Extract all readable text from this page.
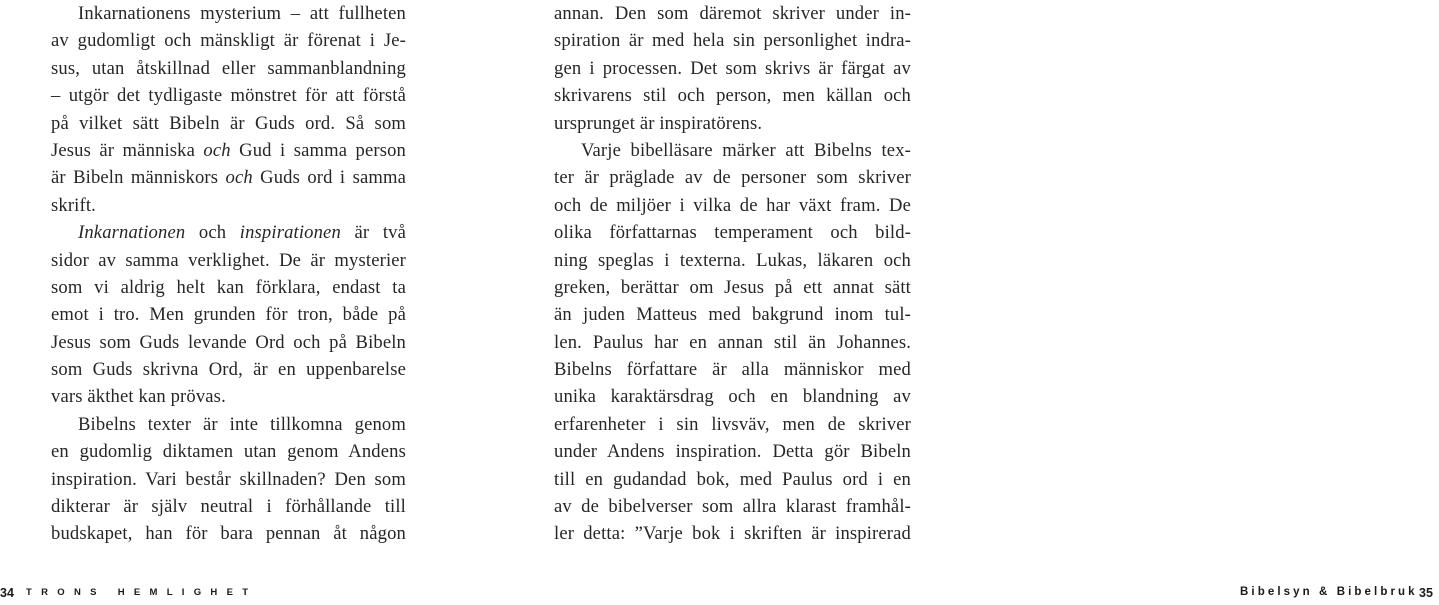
Inkarnationens mysterium – att fullheten
av gudomligt och mänskligt är förenat i Je-
sus, utan åtskillnad eller sammanblandning
– utgör det tydligaste mönstret för att förstå
på vilket sätt Bibeln är Guds ord. Så som
Jesus är människa och Gud i samma person
är Bibeln människors och Guds ord i samma
skrift.
Inkarnationen och inspirationen är två
sidor av samma verklighet. De är mysterier
som vi aldrig helt kan förklara, endast ta
emot i tro. Men grunden för tron, både på
Jesus som Guds levande Ord och på Bibeln
som Guds skrivna Ord, är en uppenbarelse
vars äkthet kan prövas.
Bibelns texter är inte tillkomna genom
en gudomlig diktamen utan genom Andens
inspiration. Vari består skillnaden? Den som
dikterar är själv neutral i förhållande till
budskapet, han för bara pennan åt någon
34 TRONS HEMLIGHET
annan. Den som däremot skriver under in-
spiration är med hela sin personlighet indra-
gen i processen. Det som skrivs är färgat av
skrivarens stil och person, men källan och
ursprunget är inspiratörens.
Varje bibelläsare märker att Bibelns tex-
ter är präglade av de personer som skriver
och de miljöer i vilka de har växt fram. De
olika författarnas temperament och bild-
ning speglas i texterna. Lukas, läkaren och
greken, berättar om Jesus på ett annat sätt
än juden Matteus med bakgrund inom tul-
len. Paulus har en annan stil än Johannes.
Bibelns författare är alla människor med
unika karaktärsdrag och en blandning av
erfarenheter i sin livsväv, men de skriver
under Andens inspiration. Detta gör Bibeln
till en gudandad bok, med Paulus ord i en
av de bibelverser som allra klarast framhål-
ler detta: ”Varje bok i skriften är inspirerad
Bibelsyn & Bibelbruk 35
